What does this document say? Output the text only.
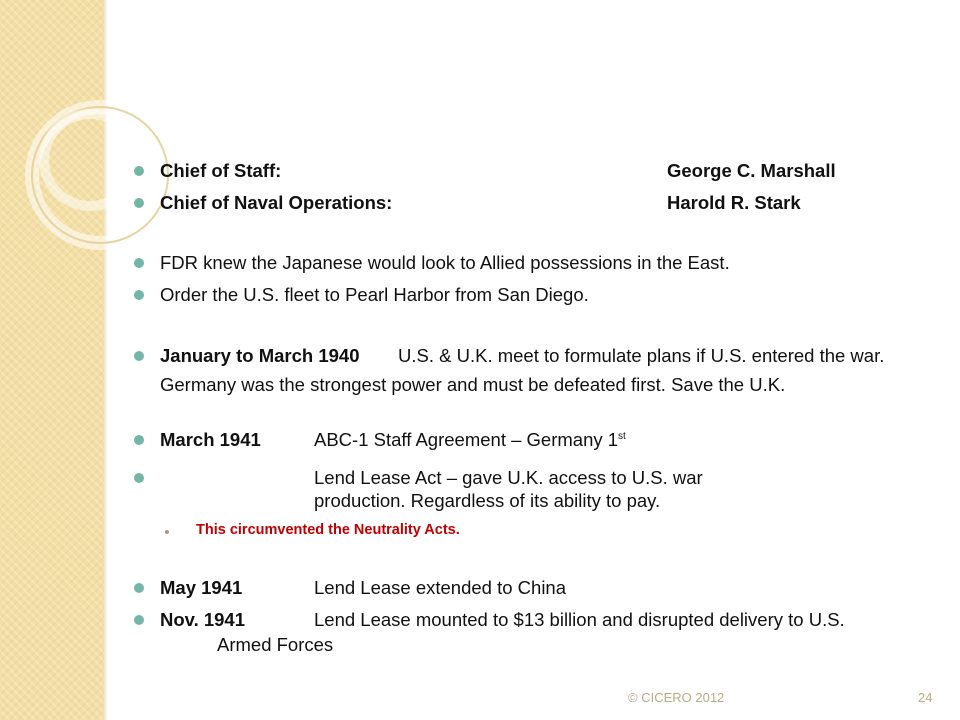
Chief of Staff:	George C. Marshall
Chief of Naval Operations:	Harold R. Stark
FDR knew the Japanese would look to Allied possessions in the East.
Order the U.S. fleet to Pearl Harbor from San Diego.
January to March 1940 U.S. & U.K. meet to formulate plans if U.S. entered the war.
Germany was the strongest power and must be defeated first. Save the U.K.
March 1941	ABC-1 Staff Agreement – Germany 1st
Lend Lease Act – gave U.K. access to U.S. war
production. Regardless of its ability to pay.
This circumvented the Neutrality Acts.
May 1941	Lend Lease extended to China
Nov. 1941	Lend Lease mounted to $13 billion and disrupted delivery to U.S.
Armed Forces
© CICERO 2012	24
